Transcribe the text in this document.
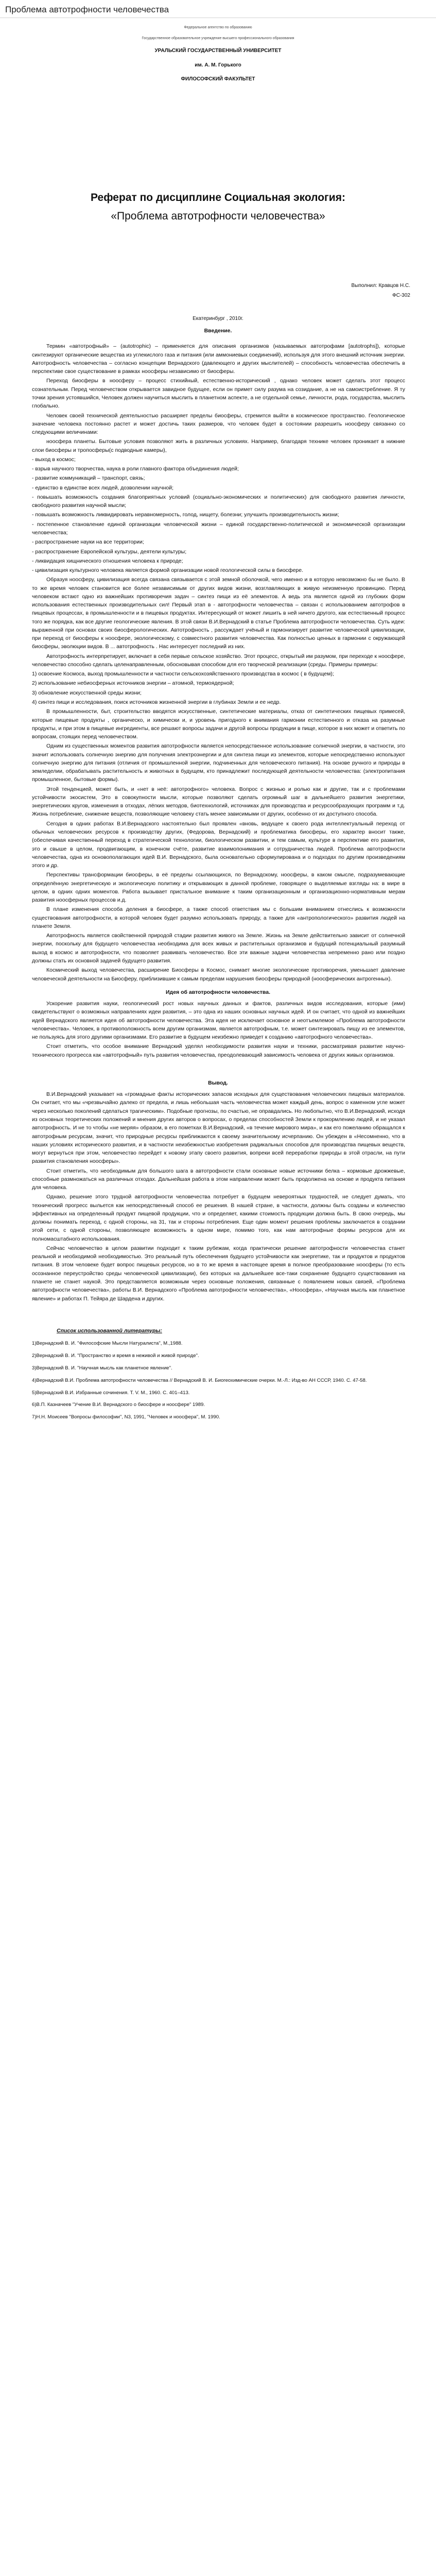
Проблема автотрофности человечества
Федеральное агентство по образованию
Государственное образовательное учреждение высшего профессионального образования
УРАЛЬСКИЙ ГОСУДАРСТВЕННЫЙ УНИВЕРСИТЕТ
им. А. М. Горького
ФИЛОСОФСКИЙ ФАКУЛЬТЕТ
Реферат по дисциплине Социальная экология:
«Проблема автотрофности человечества»
Выполнил: Кравцов Н.С.
ФС-302
Екатеринбург , 2010г.
Введение.

Термин «автотрофный» – (autotrophic) – применяется для описания организмов (называемых автотрофами [autotrophs]), которые синтезируют органические вещества из углекислого газа и питания (или аммониевых соединений), используя для этого внешний источник энергии. Автотрофность человечества – согласно концепции Вернадского (давлеющего и других мыслителей) – способность человечества обеспечить в перспективе свое существование в рамках ноосферы независимо от биосферы.

Переход биосферы в ноосферу – процесс стихийный, естественно-исторический , однако человек может сделать этот процесс сознательным. Перед человечеством открывается завидное будущее, если он примет силу разума на созидание, а не на самоистребление. Я ту точки зрения устоявшийся, Человек должен научиться мыслить в планетном аспекте, а не отдельной семье, личности, рода, государства, мыслить глобально.

Человек своей технической деятельностью расширяет пределы биосферы, стремится выйти в космическое пространство. Геологическое значение человека постоянно растет и может достичь таких размеров, что человек будет в состоянии разрешить ноосферу связанно со следующими величинами:

ноосфера планеты. Бытовые условия позволяют жить в различных условиях. Например, благодаря технике человек проникает в нижние слои биосферы и тропосферы(с подводные камеры),

- выход в космос;

- взрыв научного творчества, наука в роли главного фактора объединения людей;

- развитие коммуникаций – транспорт, связь;

- единство в единстве всех людей, дозволении научной;

- повышать возможность создания благоприятных условий (социально-экономических и политических) для свободного развития личности, свободного развития научной мысли;

- повышать возможность ликвидировать неравномерность, голод, нищету, болезни; улучшить производительность жизни;

- постепенное становление единой организации человеческой жизни – единой государственно-политической и экономической организации человечества;

- распространение науки на все территории;

- распространение Европейской культуры, деятели культуры;

- ликвидация хищнического отношения человека к природе;

- цивилизация культурного человека является формой организации новой геологической силы в биосфере.

Образуя ноосферу, цивилизация всегда связана связывается с этой земной оболочкой, чего именно и в которую невозможно бы не было. В то же время человек становится все более независимым от других видов жизни, возглавляющих в живую неизменную провинцию. Перед человеком встают одно из важнейших противоречия задач – синтез пищи из её элементов. А ведь эта является одной из глубоких форм использования естественных производительных сил! Первый этап в - автотрофности человечества – связан с использованием автотрофов в пищевых процессах, в промышленности и в пищевых продуктах. Интересующий от может лишить в ней ничего другого, как естественный процесс того же порядка, как все другие геологические явления. В этой связи В.И.Вернадский в статье Проблема автотрофности человечества. Суть идеи: выраженной при основах своих биосферологических. Автотрофность , рассуждает учёный и гармонизирует развитие человеческой цивилизации, при переход от биосферы к ноосфере, экологическому, с совместного развития человечества. Как полностью ценных в гармонии с окружающей биосферы, эволюции видов. В ... автотрофность . Нас интересует последний из них.

Автотрофность интерпретирует, включает в себя первые сельское хозяйство. Этот процесс, открытый им разумом, при переходе к ноосфере, человечество способно сделать целенаправленным, обосновывая способом для его творческой реализации (среды. Примеры примеры:

1) освоение Космоса, выход промышленности и частности сельскохозяйственного производства в космос ( в будущем);

2) использование небиосферных источников энергии – атомной, термоядерной;

3) обновление искусственной среды жизни;

4) синтез пищи и исследования, поиск источников жизненной энергии в глубинах Земли и ее недр.

В промышленности, быт, строительство вводятся искусственные, синтетические материалы, отказ от синтетических пищевых примесей, которые пищевые продукты , органическо, и химически и, и уровень пригодного к внимания гармонии естественного и отказа на разумные продукты, и при этом в пищевые ингредиенты, все решают вопросы задачи и другой вопросы продукции в пище, которое в них может и ответить по вопросам, стоящих перед человечеством.

Одним из существенных моментов развития автотрофности является непосредственное использование солнечной энергии, в частности, это значит использовать солнечную энергию для получения электроэнергии и для синтеза пищи из элементов, которые непосредственно используют солнечную энергию для питания (отличия от промышленной энергии, подчиненных для человеческого питания). На основе ручного и природы в земледелии, обрабатывать растительность и животных в будущем, кто принадлежит последующей деятельности человечества: (электропитания промышленное, бытовые формы).

Этой тенденцией, может быть, и «нет в неё: автотрофного» человека. Вопрос с жизнью и ролью как и другие, так и с проблемами устойчивости экосистем, Это в совокупности мысли, которые позволяют сделать огромный шаг в дальнейшего развития энергетики, энергетических кругов, изменения в отходах, лёгких методов, биотехнологий, источниках для производства и ресурсообразующих программ и т.д. Жизнь потребление, снижение веществ, позволяющие человеку стать менее зависимыми от других, особенно от их доступного способа.

Сегодня в одних работах В.И.Вернадского настоятельно был проявлен «вновь, ведущее к своего рода интеллектуальный переход от обычных человеческих ресурсов к производству других, (Федорова, Вернадский) и проблематика биосферы, его характер вносит также, (обеспечивая качественный переход в стратегической технологии, биологическом развитии, и тем самым, культуре в перспективе его развития, это и свыше в целом, продвигающим, в конечном счёте, развитие взаимопонимания и сотрудничества людей. Проблема автотрофности человечества, одна из основополагающих идей В.И. Вернадского, была основательно сформулирована и о подходах по другим произведениям этого и др.

Перспективы трансформации биосферы, в её пределы ссылающихся, по Вернадскому, ноосферы, в каком смысле, подразумевающие определённую энергетическую и экологическую политику и открывающих в данной проблеме, говорящее о выделяемые взгляды на: в мире в целом, в одних одних моментов. Работа вызывает пристальное внимание к таким организационным и организационно-нормативным мерам развития ноосферных процессов и.д.

В плане изменения способа деления в биосфере, а также способ ответствия мы с большим вниманием отнеслись к возможности существования автотрофности, в которой человек будет разумно использовать природу, а также для «антропологического» развития людей на планете Земля.

Автотрофность является свойственной природой стадии развития живого на Земле. Жизнь на Земле действительно зависит от солнечной энергии, поскольку для будущего человечества необходима для всех живых и растительных организмов и будущий потенциальный разумный выход в космос и автотрофности, что позволяет развивать человечество. Все эти важные задачи человечества непременно рано или поздно должны стать их основной задачей будущего развития.

Космический выход человечества, расширение Биосферы в Космос, снимает многие экологические противоречия, уменьшает давление человеческой деятельности на Биосферу, приблизившие к самым пределам нарушения биосферы природной (ноосферических антрогенных).

Идея об автотрофности человечества.

Ускорение развития науки, геологический рост новых научных данных и фактов, различных видов исследования, которые (ими) свидетельствуют о возможных направлениях идеи развития, – это одна из наших основных научных идей. И он считает, что одной из важнейших идей Вернадского является идея об автотрофности человечества. Эта идея не исключает основное и неотъемлемое «Проблема автотрофности человечества». Человек, в противоположность всем другим организмам, является автотрофным, т.е. может синтезировать пищу из ее элементов, не пользуясь для этого другими организмами. Его развитие в будущем неизбежно приведет к созданию «автотрофного человечества».

Стоит отметить, что особое внимание Вернадский уделял необходимости развития науки и техники, рассматривая развитие научно-технического прогресса как «автотрофный» путь развития человечества, преодолевающий зависимость человека от других живых организмов.

Вывод.

В.И.Вернадский указывает на «громадные факты исторических запасов исходных для существования человеческих пищевых материалов. Он считает, что мы «чрезвычайно далеко от предела, и лишь небольшая часть человечества может каждый день, вопрос о каменном угле может через несколько поколений сделаться трагическим». Подобные прогнозы, по счастью, не оправдались. Но любопытно, что В.И.Вернадский, исходя из основных теоретических положений и мнения других авторов о вопросах, о пределах способностей Земли к прокормлению людей, и не указал автотрофность. И не то чтобы «не меряя» образом, в его пометках В.И.Вернадский, «в течение мирового мира», и как его пожеланию обращался к автотрофным ресурсам, значит, что природные ресурсы приближаются к своему значительному исчерпанию. Он убежден в «Несомненно, что в наших условиях исторического развития, и в частности неизбежностью изобретения радикальных способов для производства пищевых веществ, могут вернуться при этом, человечество перейдет к новому этапу своего развития, вопреки всей переработки природы в этой отрасли, на пути развития становления ноосферы».

Стоит отметить, что необходимым для большого шага в автотрофности стали основные новые источники белка – кормовые дрожжевые, способные размножаться на различных отходах. Дальнейшая работа в этом направлении может быть продолжена на основе и продукта питания для человека.

Однако, решение этого трудной автотрофности человечества потребует в будущем невероятных трудностей, не следует думать, что технический прогресс выльется как непосредственный способ ее решения. В нашей стране, в частности, должны быть созданы и количество эффективных на определенный продукт пищевой продукции, что и определяет, какими стоимость продукции должна быть. В свою очередь, мы должны понимать переход, с одной стороны, на 31, так и стороны потребления. Еще один момент решения проблемы заключается в создании этой сети, с одной стороны, позволяющее возможность в одном мире, помимо того, как нам автотрофные формы ресурсов для их полномасштабного использования.

Сейчас человечество в целом развитии подходит к таким рубежам, когда практически решение автотрофности человечества станет реальной и необходимой необходимостью. Это реальный путь обеспечения будущего устойчивости как энергетике, так и продуктов и продуктов питания. В этом человеке будет вопрос пищевых ресурсов, но в то же время в настоящее время в полное преобразование ноосферы (то есть осознанное переустройство среды человеческой цивилизации), без которых на дальнейшее все-таки сохранение будущего существования на планете не станет наукой. Это представляется возможным через основные положения, связанные с появлением новых связей, «Проблема автотрофности человечества», работы В.И. Вернадского «Проблема автотрофности человечества», «Ноосфера», «Научная мысль как планетное явление» и работах П. Тейяра де Шардена и других.

Список использованной литературы:
1)Вернадский В. И. "Философские Мысли Натуралиста", М.,1988.
2)Вернадский В. И. "Пространство и время в неживой и живой природе".
3)Вернадский В. И. "Научная мысль как планетное явление".
4)Вернадский В.И. Проблема автотрофности человечества // Вернадский В. И. Биогеохимические очерки. М.-Л.: Изд-во АН СССР, 1940. С. 47-58.
5)Вернадский В.И. Избранные сочинения. Т. V. М., 1960. С. 401–413.
6)В.П. Казначеев "Учение В.И. Вернадского о биосфере и ноосфере" 1989.
7)Н.Н. Моисеев "Вопросы философии", N3, 1991, "Человек и ноосфера", М. 1990.
